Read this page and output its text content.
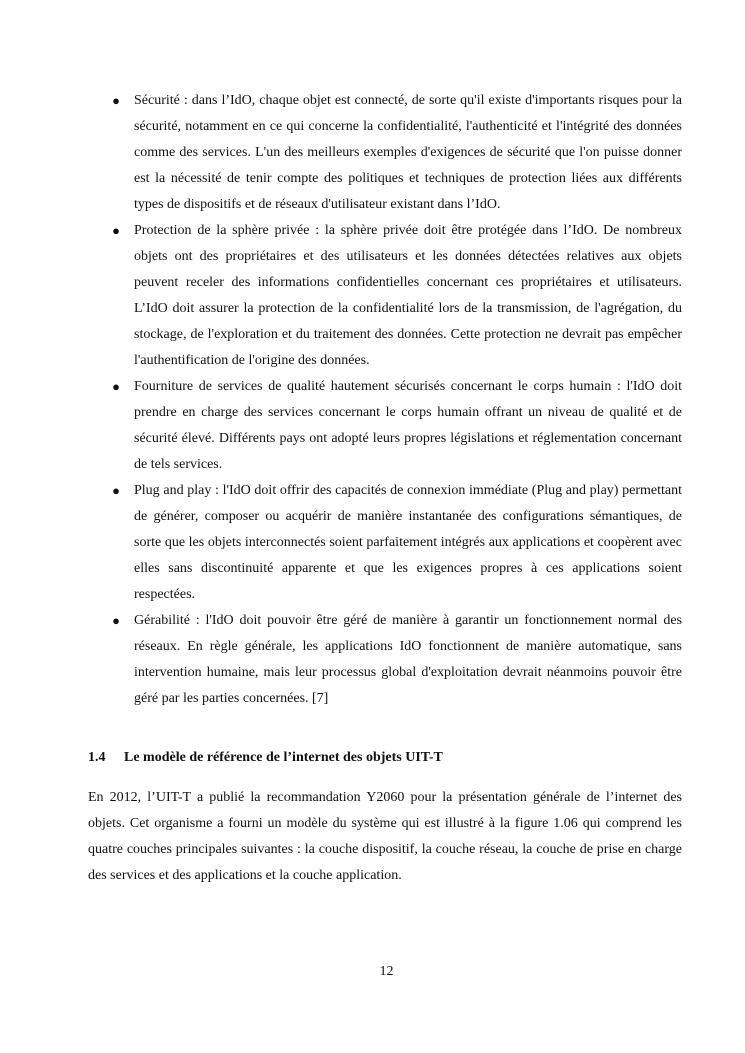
● Sécurité : dans l’IdO, chaque objet est connecté, de sorte qu'il existe d'importants risques pour la sécurité, notamment en ce qui concerne la confidentialité, l'authenticité et l'intégrité des données comme des services. L'un des meilleurs exemples d'exigences de sécurité que l'on puisse donner est la nécessité de tenir compte des politiques et techniques de protection liées aux différents types de dispositifs et de réseaux d'utilisateur existant dans l’IdO.
● Protection de la sphère privée : la sphère privée doit être protégée dans l’IdO. De nombreux objets ont des propriétaires et des utilisateurs et les données détectées relatives aux objets peuvent receler des informations confidentielles concernant ces propriétaires et utilisateurs. L’IdO doit assurer la protection de la confidentialité lors de la transmission, de l'agrégation, du stockage, de l'exploration et du traitement des données. Cette protection ne devrait pas empêcher l'authentification de l'origine des données.
● Fourniture de services de qualité hautement sécurisés concernant le corps humain : l'IdO doit prendre en charge des services concernant le corps humain offrant un niveau de qualité et de sécurité élevé. Différents pays ont adopté leurs propres législations et réglementation concernant de tels services.
● Plug and play : l'IdO doit offrir des capacités de connexion immédiate (Plug and play) permettant de générer, composer ou acquérir de manière instantanée des configurations sémantiques, de sorte que les objets interconnectés soient parfaitement intégrés aux applications et coopèrent avec elles sans discontinuité apparente et que les exigences propres à ces applications soient respectées.
● Gérabilité : l'IdO doit pouvoir être géré de manière à garantir un fonctionnement normal des réseaux. En règle générale, les applications IdO fonctionnent de manière automatique, sans intervention humaine, mais leur processus global d'exploitation devrait néanmoins pouvoir être géré par les parties concernées. [7]
1.4 Le modèle de référence de l’internet des objets UIT-T

En 2012, l’UIT-T a publié la recommandation Y2060 pour la présentation générale de l’internet des objets. Cet organisme a fourni un modèle du système qui est illustré à la figure 1.06 qui comprend les quatre couches principales suivantes : la couche dispositif, la couche réseau, la couche de prise en charge des services et des applications et la couche application.

12
